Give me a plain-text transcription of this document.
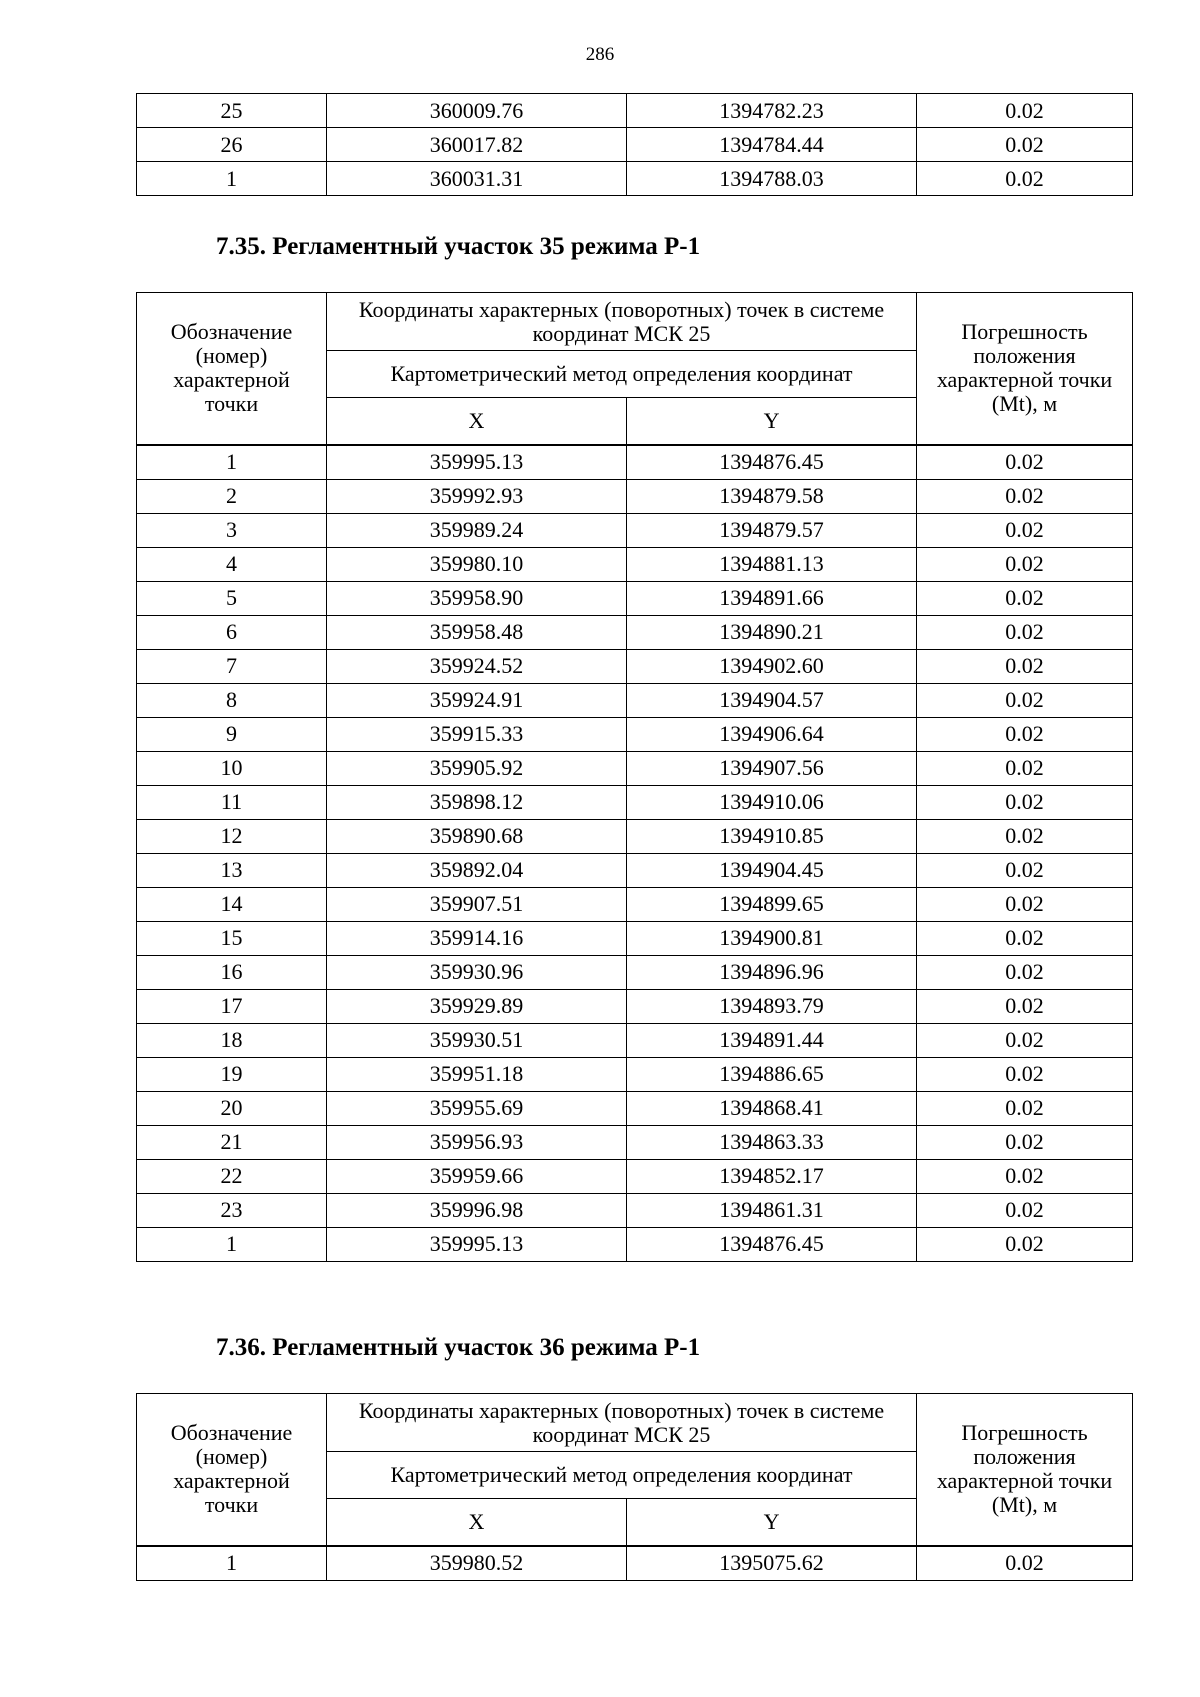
286
25	360009.76	1394782.23	0.02
26	360017.82	1394784.44	0.02
1	360031.31	1394788.03	0.02
7.35. Регламентный участок 35 режима Р-1
Обозначение (номер) характерной точки	Координаты характерных (поворотных) точек в системе координат МСК 25		Погрешность положения характерной точки (Mt), м
	Картометрический метод определения координат		
	X	Y	
1	359995.13	1394876.45	0.02
2	359992.93	1394879.58	0.02
3	359989.24	1394879.57	0.02
4	359980.10	1394881.13	0.02
5	359958.90	1394891.66	0.02
6	359958.48	1394890.21	0.02
7	359924.52	1394902.60	0.02
8	359924.91	1394904.57	0.02
9	359915.33	1394906.64	0.02
10	359905.92	1394907.56	0.02
11	359898.12	1394910.06	0.02
12	359890.68	1394910.85	0.02
13	359892.04	1394904.45	0.02
14	359907.51	1394899.65	0.02
15	359914.16	1394900.81	0.02
16	359930.96	1394896.96	0.02
17	359929.89	1394893.79	0.02
18	359930.51	1394891.44	0.02
19	359951.18	1394886.65	0.02
20	359955.69	1394868.41	0.02
21	359956.93	1394863.33	0.02
22	359959.66	1394852.17	0.02
23	359996.98	1394861.31	0.02
1	359995.13	1394876.45	0.02
7.36. Регламентный участок 36 режима Р-1
Обозначение (номер) характерной точки	Координаты характерных (поворотных) точек в системе координат МСК 25		Погрешность положения характерной точки (Mt), м
	Картометрический метод определения координат		
	X	Y	
1	359980.52	1395075.62	0.02
